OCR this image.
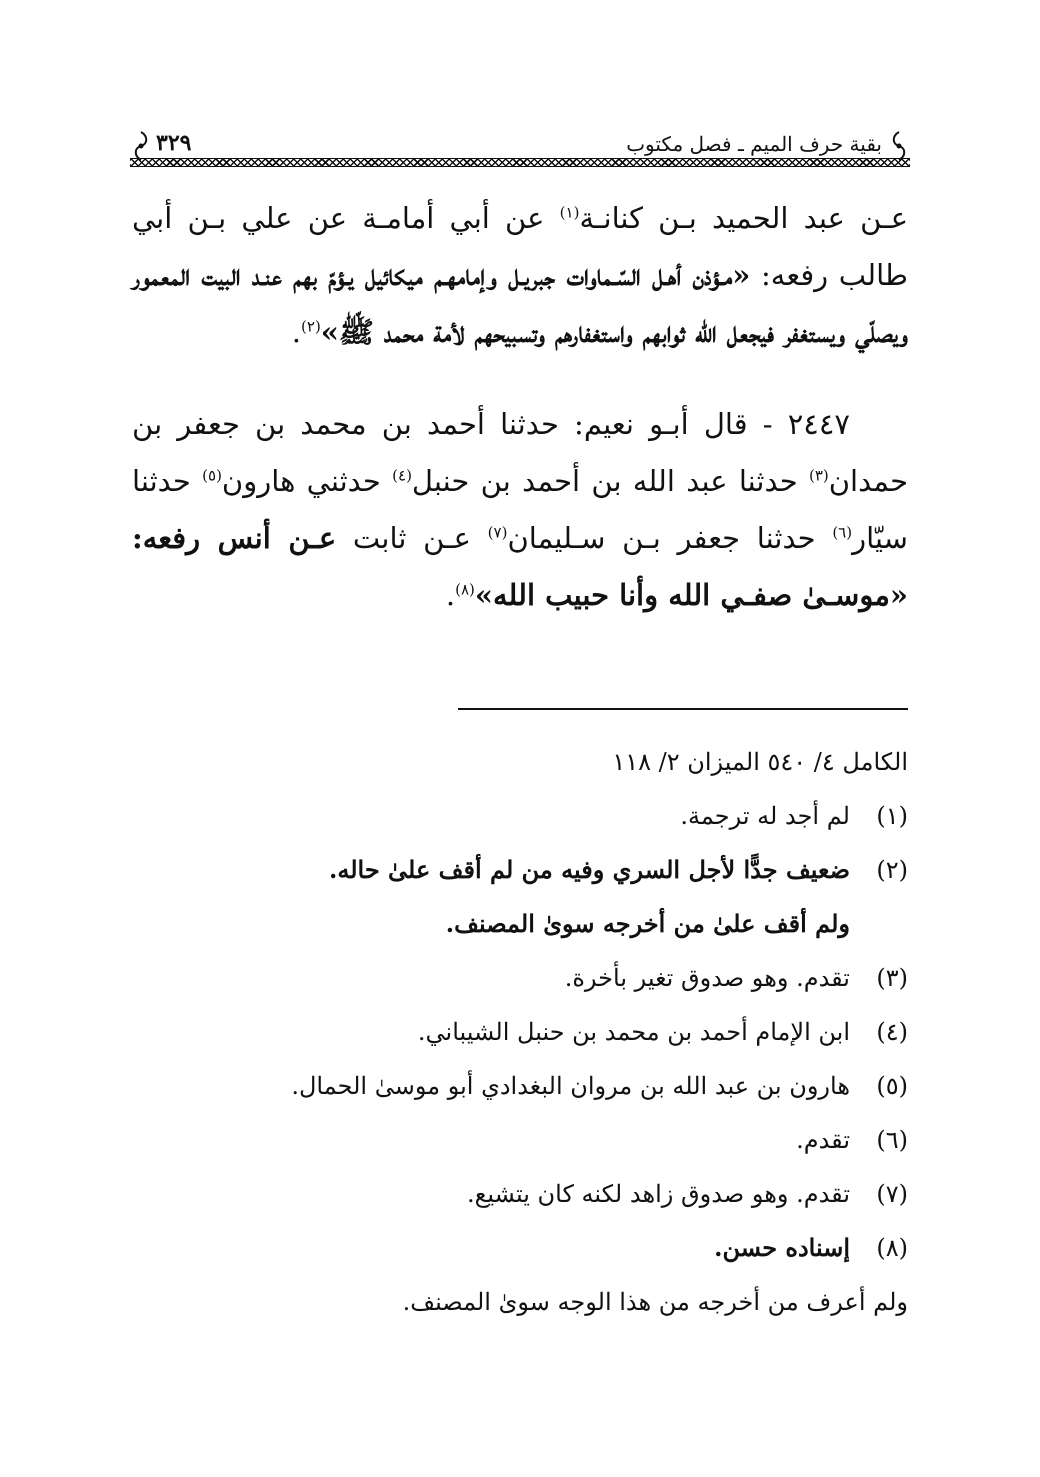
بقية حرف الميم ـ فصل مكتوب
٣٢٩

عـن عبد الحميد بـن كنانـة$^{(١)}$ عن أبي أمامـة عن علي بـن أبي طالب رفعه: «مـؤذن أهـل السّـماوات جبريـل وإمامهـم ميكائيل يـؤمّ بهم عنـد البيت المعمور ويصلّي ويستغفر فيجعل الله ثوابهم واستغفارهم وتسبيحهم لأمة محمد ﷺ»$^{(٢)}$.

٢٤٤٧ - قال أبـو نعيم: حدثنا أحمد بن محمد بن جعفر بن حمدان$^{(٣)}$ حدثنا عبد الله بن أحمد بن حنبل$^{(٤)}$ حدثني هارون$^{(٥)}$ حدثنا سيّار$^{(٦)}$ حدثنا جعفر بـن سـليمان$^{(٧)}$ عـن ثابت عـن أنس رفعه: «موسـیٰ صفـي الله وأنا حبيب الله»$^{(٨)}$.

الكامل ٤/ ٥٤٠ الميزان ٢/ ١١٨
(١)لم أجد له ترجمة.
(٢)ضعيف جدًّا لأجل السري وفيه من لم أقف علىٰ حاله.
ولم أقف علىٰ من أخرجه سوىٰ المصنف.
(٣)تقدم. وهو صدوق تغير بأخرة.
(٤)ابن الإمام أحمد بن محمد بن حنبل الشيباني.
(٥)هارون بن عبد الله بن مروان البغدادي أبو موسىٰ الحمال.
(٦)تقدم.
(٧)تقدم. وهو صدوق زاهد لكنه كان يتشيع.
(٨)إسناده حسن.
ولم أعرف من أخرجه من هذا الوجه سوىٰ المصنف.
